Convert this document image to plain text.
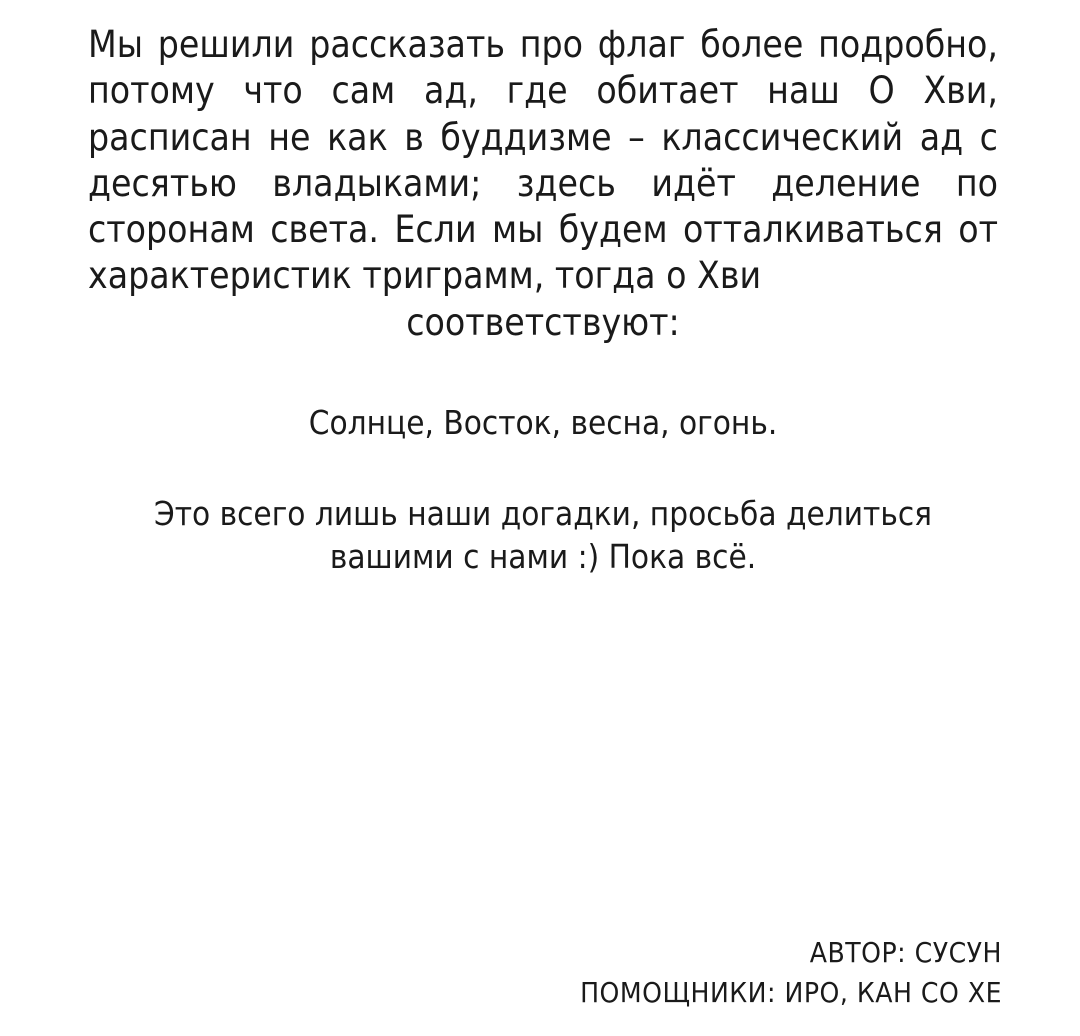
Мы решили рассказать про флаг более подробно, потому что сам ад, где обитает наш О Хви, расписан не как в буддизме – классический ад с десятью владыками; здесь идёт деление по сторонам света. Если мы будем отталкиваться от характеристик триграмм, тогда о Хви
соответствуют:

Солнце, Восток, весна, огонь.

Это всего лишь наши догадки, просьба делиться
вашими с нами :) Пока всё.

АВТОР: СУСУН
ПОМОЩНИКИ: ИРО, КАН СО ХЕ
